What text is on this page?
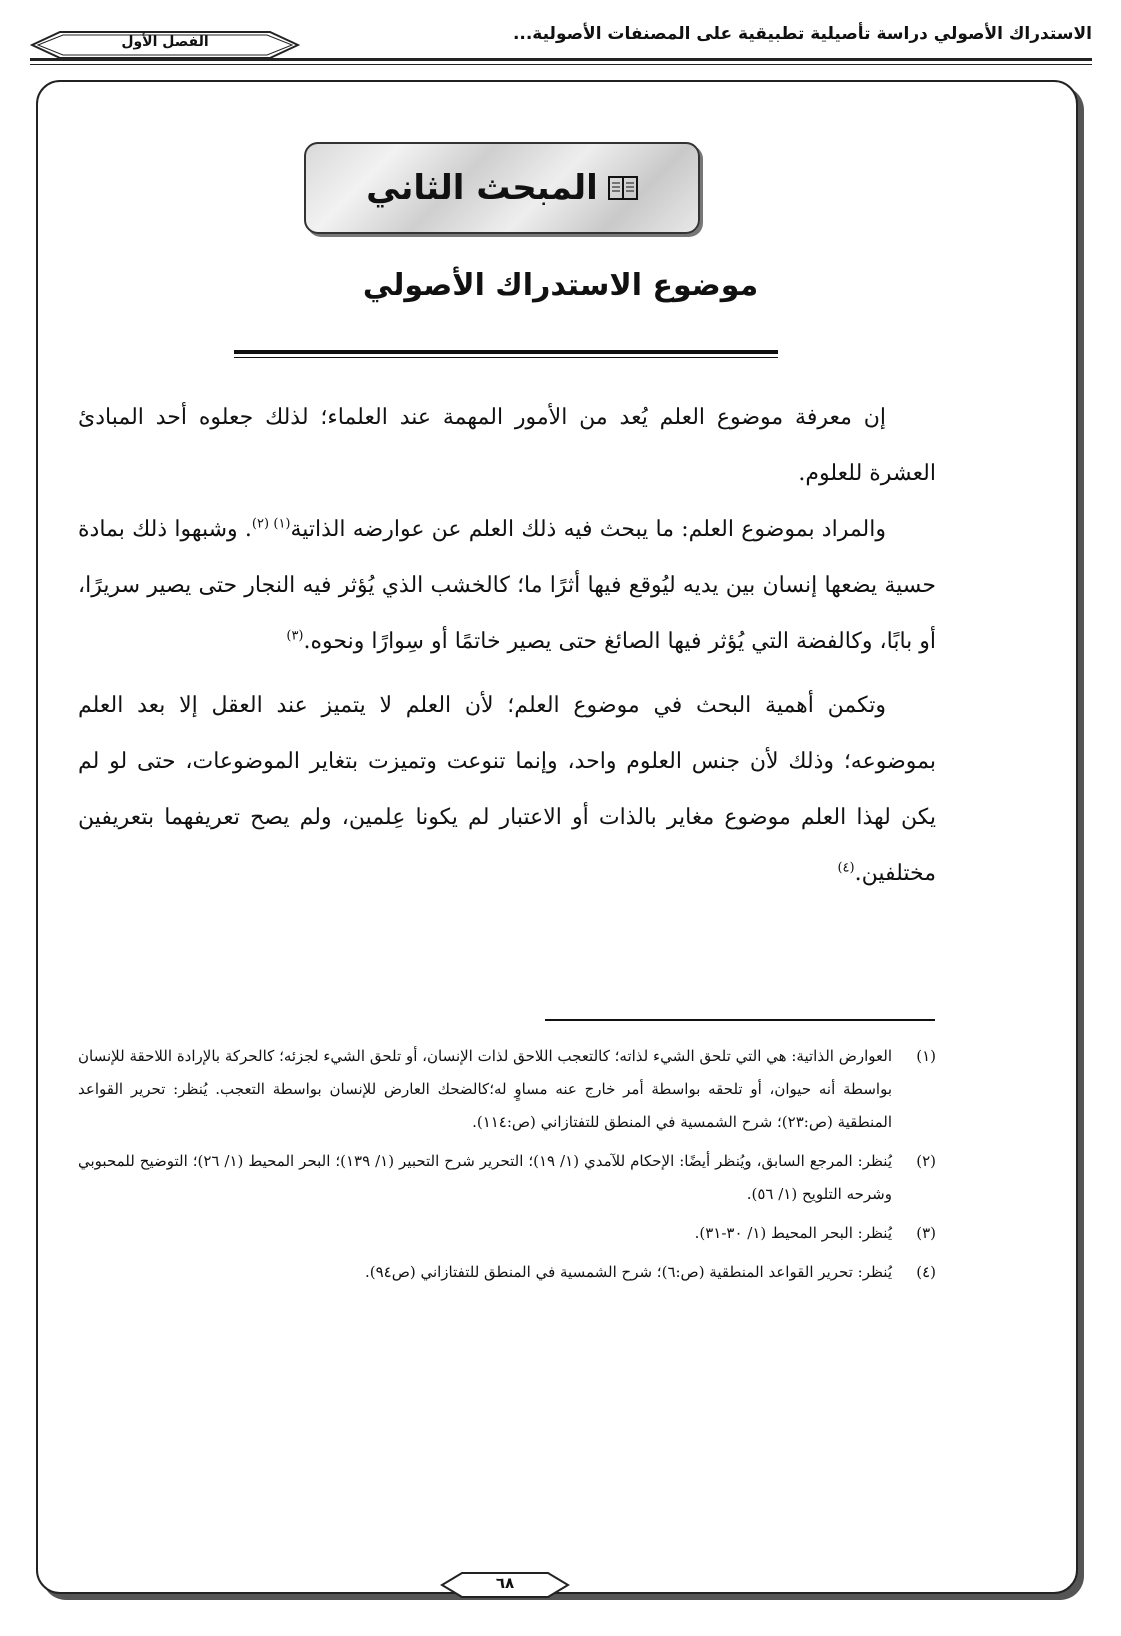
الاستدراك الأصولي دراسة تأصيلية تطبيقية على المصنفات الأصولية...
الفصل الأول
المبحث الثاني
موضوع الاستدراك الأصولي

إن معرفة موضوع العلم يُعد من الأمور المهمة عند العلماء؛ لذلك جعلوه أحد المبادئ العشرة للعلوم.

والمراد بموضوع العلم: ما يبحث فيه ذلك العلم عن عوارضه الذاتية$^{(١) (٢)}$. وشبهوا ذلك بمادة حسية يضعها إنسان بين يديه ليُوقع فيها أثرًا ما؛ كالخشب الذي يُؤثر فيه النجار حتى يصير سريرًا، أو بابًا، وكالفضة التي يُؤثر فيها الصائغ حتى يصير خاتمًا أو سِوارًا ونحوه.$^{(٣)}$

وتكمن أهمية البحث في موضوع العلم؛ لأن العلم لا يتميز عند العقل إلا بعد العلم بموضوعه؛ وذلك لأن جنس العلوم واحد، وإنما تنوعت وتميزت بتغاير الموضوعات، حتى لو لم يكن لهذا العلم موضوع مغاير بالذات أو الاعتبار لم يكونا عِلمين، ولم يصح تعريفهما بتعريفين مختلفين.$^{(٤)}$

(١)
العوارض الذاتية: هي التي تلحق الشيء لذاته؛ كالتعجب اللاحق لذات الإنسان، أو تلحق الشيء لجزئه؛ كالحركة بالإرادة اللاحقة للإنسان بواسطة أنه حيوان، أو تلحقه بواسطة أمر خارج عنه مساوٍ له؛كالضحك العارض للإنسان بواسطة التعجب. يُنظر: تحرير القواعد المنطقية (ص:٢٣)؛ شرح الشمسية في المنطق للتفتازاني (ص:١١٤).
(٢)
يُنظر: المرجع السابق، ويُنظر أيضًا: الإحكام للآمدي (١/ ١٩)؛ التحرير شرح التحبير (١/ ١٣٩)؛ البحر المحيط (١/ ٢٦)؛ التوضيح للمحبوبي وشرحه التلويح (١/ ٥٦).
(٣)
يُنظر: البحر المحيط (١/ ٣٠-٣١).
(٤)
يُنظر: تحرير القواعد المنطقية (ص:٦)؛ شرح الشمسية في المنطق للتفتازاني (ص٩٤).
٦٨
